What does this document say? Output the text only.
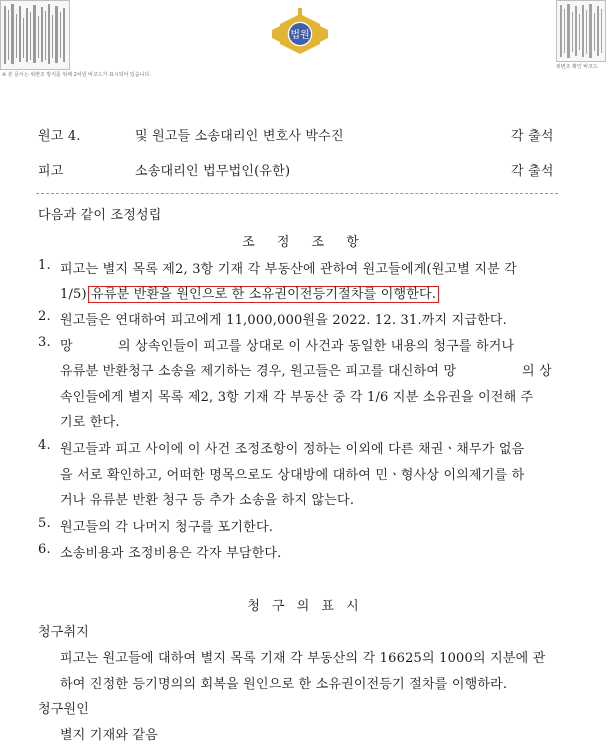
※ 본 문서는 위변조 방지를 위해 2차원 바코드가 표시되어 있습니다.
법원
위변조 확인 바코드
원고 4.	및 원고들 소송대리인 변호사 박수진	각 출석
피고	소송대리인 법무법인(유한)	각 출석
다음과 같이 조정성립
조 정 조 항
1. 피고는 별지 목록 제2, 3항 기재 각 부동산에 관하여 원고들에게(원고별 지분 각
1/5) 유류분 반환을 원인으로 한 소유권이전등기절차를 이행한다.
2. 원고들은 연대하여 피고에게 11,000,000원을 2022. 12. 31.까지 지급한다.
3. 망	의 상속인들이 피고를 상대로 이 사건과 동일한 내용의 청구를 하거나
유류분 반환청구 소송을 제기하는 경우, 원고들은 피고를 대신하여 망	의 상
속인들에게 별지 목록 제2, 3항 기재 각 부동산 중 각 1/6 지분 소유권을 이전해 주
기로 한다.
4. 원고들과 피고 사이에 이 사건 조정조항이 정하는 이외에 다른 채권ㆍ채무가 없음
을 서로 확인하고, 어떠한 명목으로도 상대방에 대하여 민ㆍ형사상 이의제기를 하
거나 유류분 반환 청구 등 추가 소송을 하지 않는다.
5. 원고들의 각 나머지 청구를 포기한다.
6. 소송비용과 조정비용은 각자 부담한다.
청 구 의 표 시
청구취지
피고는 원고들에 대하여 별지 목록 기재 각 부동산의 각 16625의 1000의 지분에 관
하여 진정한 등기명의의 회복을 원인으로 한 소유권이전등기 절차를 이행하라.
청구원인
별지 기재와 같음
